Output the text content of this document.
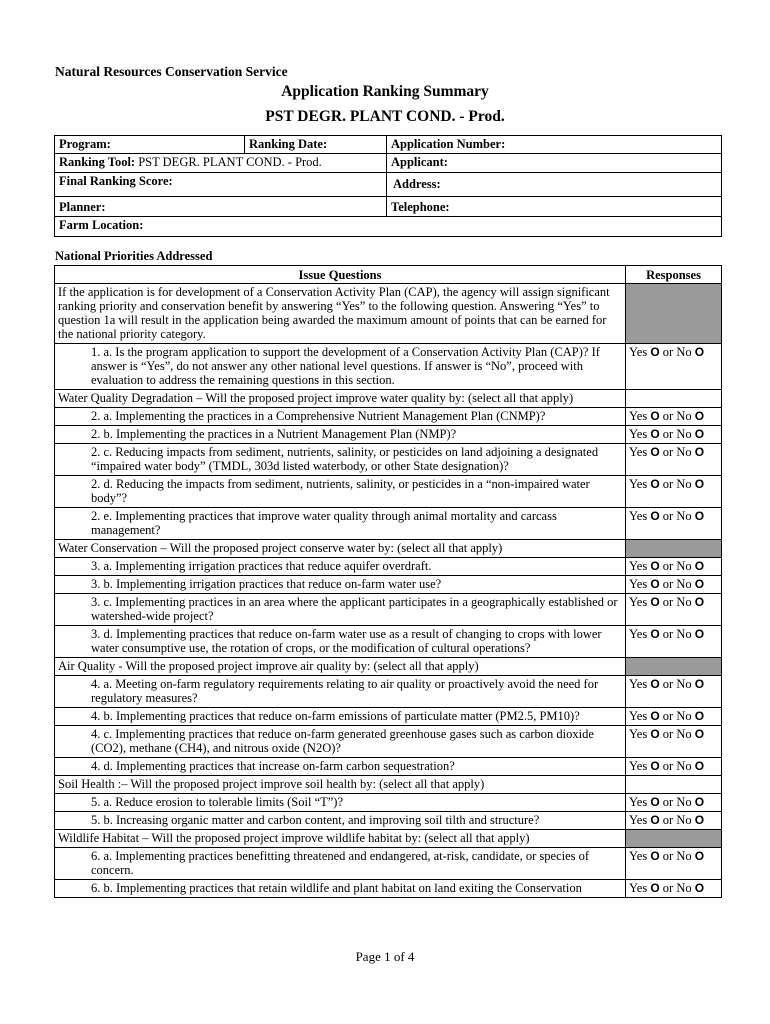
Natural Resources Conservation Service
Application Ranking Summary
PST DEGR. PLANT COND. - Prod.
Program:	Ranking Date:	Application Number:
Ranking Tool: PST DEGR. PLANT COND. - Prod.		Applicant:
Final Ranking Score:		Address:
Planner:		Telephone:
Farm Location:		
National Priorities Addressed
Issue Questions	Responses
If the application is for development of a Conservation Activity Plan (CAP), the agency will assign significant ranking priority and conservation benefit by answering “Yes” to the following question. Answering “Yes” to question 1a will result in the application being awarded the maximum amount of points that can be earned for the national priority category.	
1. a. Is the program application to support the development of a Conservation Activity Plan (CAP)? If answer is “Yes”, do not answer any other national level questions. If answer is “No”, proceed with evaluation to address the remaining questions in this section.	Yes O or No O
Water Quality Degradation – Will the proposed project improve water quality by: (select all that apply)	
2. a. Implementing the practices in a Comprehensive Nutrient Management Plan (CNMP)?	Yes O or No O
2. b. Implementing the practices in a Nutrient Management Plan (NMP)?	Yes O or No O
2. c. Reducing impacts from sediment, nutrients, salinity, or pesticides on land adjoining a designated “impaired water body” (TMDL, 303d listed waterbody, or other State designation)?	Yes O or No O
2. d. Reducing the impacts from sediment, nutrients, salinity, or pesticides in a “non-impaired water body”?	Yes O or No O
2. e. Implementing practices that improve water quality through animal mortality and carcass management?	Yes O or No O
Water Conservation – Will the proposed project conserve water by: (select all that apply)	
3. a. Implementing irrigation practices that reduce aquifer overdraft.	Yes O or No O
3. b. Implementing irrigation practices that reduce on-farm water use?	Yes O or No O
3. c. Implementing practices in an area where the applicant participates in a geographically established or watershed-wide project?	Yes O or No O
3. d. Implementing practices that reduce on-farm water use as a result of changing to crops with lower water consumptive use, the rotation of crops, or the modification of cultural operations?	Yes O or No O
Air Quality - Will the proposed project improve air quality by: (select all that apply)	
4. a. Meeting on-farm regulatory requirements relating to air quality or proactively avoid the need for regulatory measures?	Yes O or No O
4. b. Implementing practices that reduce on-farm emissions of particulate matter (PM2.5, PM10)?	Yes O or No O
4. c. Implementing practices that reduce on-farm generated greenhouse gases such as carbon dioxide (CO2), methane (CH4), and nitrous oxide (N2O)?	Yes O or No O
4. d. Implementing practices that increase on-farm carbon sequestration?	Yes O or No O
Soil Health :– Will the proposed project improve soil health by: (select all that apply)	
5. a. Reduce erosion to tolerable limits (Soil “T”)?	Yes O or No O
5. b. Increasing organic matter and carbon content, and improving soil tilth and structure?	Yes O or No O
Wildlife Habitat – Will the proposed project improve wildlife habitat by: (select all that apply)	
6. a. Implementing practices benefitting threatened and endangered, at-risk, candidate, or species of concern.	Yes O or No O
6. b. Implementing practices that retain wildlife and plant habitat on land exiting the Conservation	Yes O or No O
Page 1 of 4
